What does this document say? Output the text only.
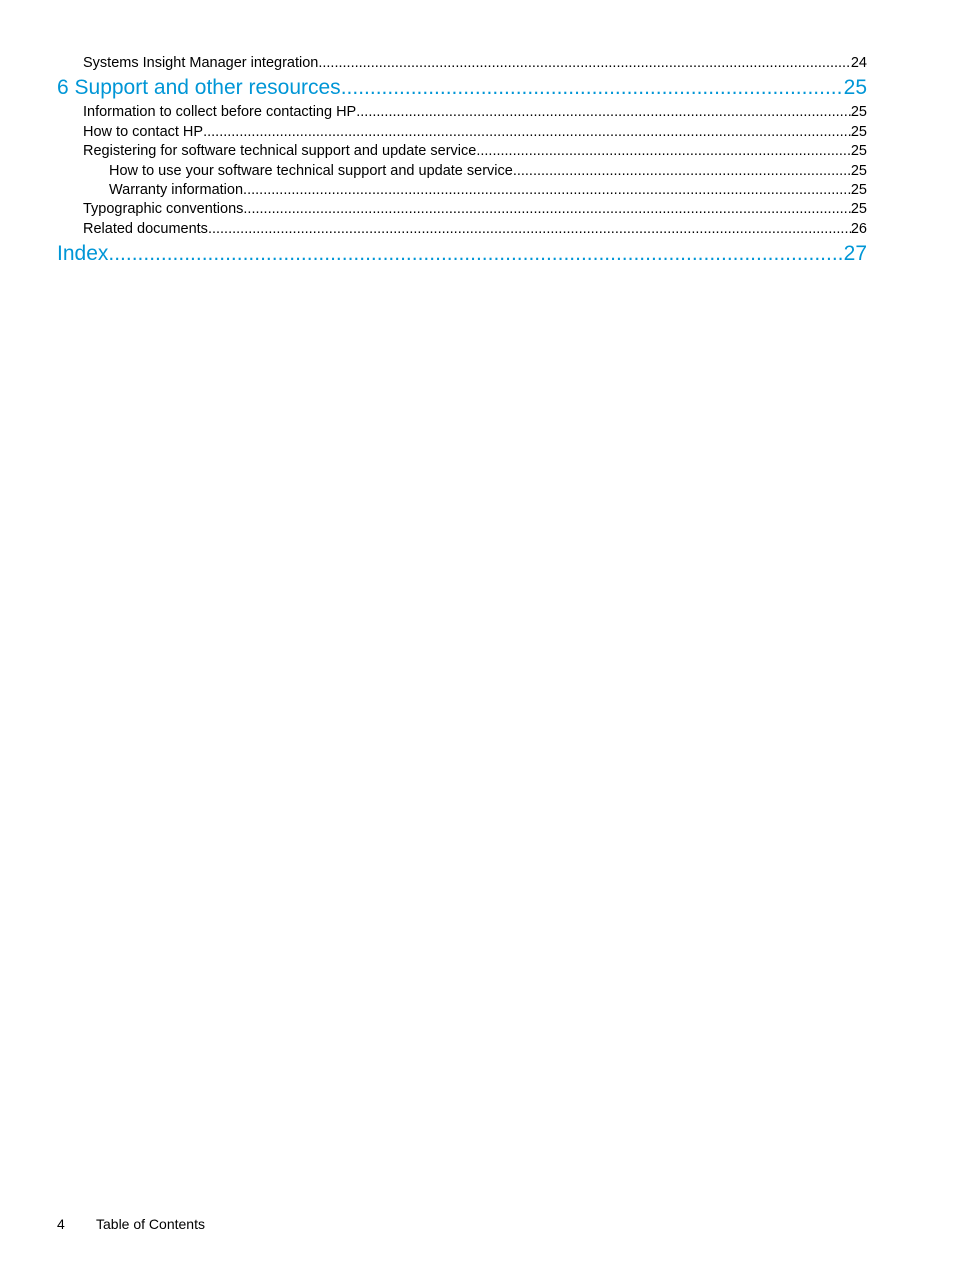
Systems Insight Manager integration .....	24
6 Support and other resources .....	25
Information to collect before contacting HP .....	25
How to contact HP .....	25
Registering for software technical support and update service .....	25
How to use your software technical support and update service .....	25
Warranty information .....	25
Typographic conventions .....	25
Related documents .....	26
Index .....	27
4	Table of Contents
